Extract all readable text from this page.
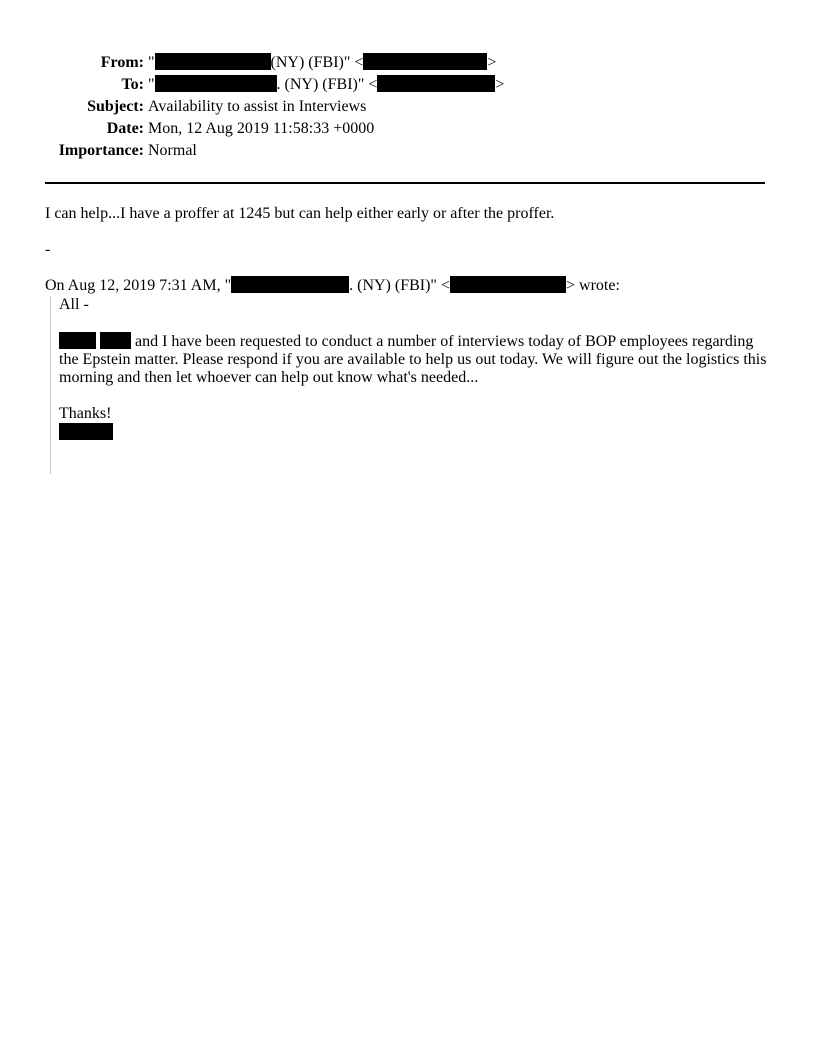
From: "	(NY) (FBI)" <	>
To: "	. (NY) (FBI)" <	>
Subject: Availability to assist in Interviews
Date: Mon, 12 Aug 2019 11:58:33 +0000
Importance: Normal
I can help...I have a proffer at 1245 but can help either early or after the proffer.
-
On Aug 12, 2019 7:31 AM, "	. (NY) (FBI)" <	> wrote:
All -
and I have been requested to conduct a number of interviews today of BOP employees regarding the Epstein matter. Please respond if you are available to help us out today. We will figure out the logistics this morning and then let whoever can help out know what's needed...
Thanks!
